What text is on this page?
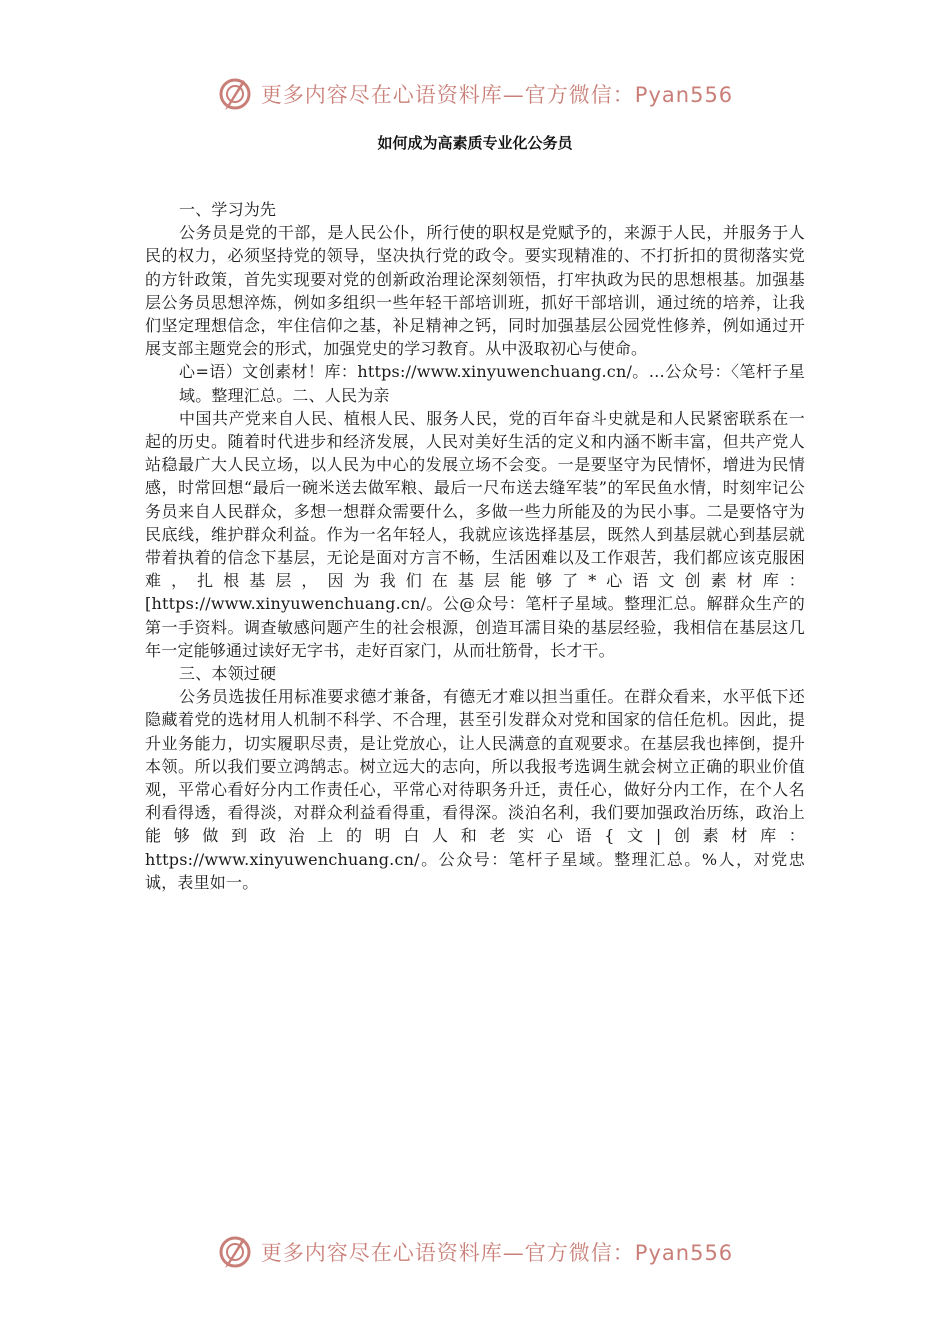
更多内容尽在心语资料库—官方微信：Pyan556
如何成为高素质专业化公务员

一、学习为先

公务员是党的干部，是人民公仆，所行使的职权是党赋予的，来源于人民，并服务于人民的权力，必须坚持党的领导，坚决执行党的政令。要实现精准的、不打折扣的贯彻落实党的方针政策，首先实现要对党的创新政治理论深刻领悟，打牢执政为民的思想根基。加强基层公务员思想淬炼，例如多组织一些年轻干部培训班，抓好干部培训，通过统的培养，让我们坚定理想信念，牢住信仰之基，补足精神之钙，同时加强基层公园党性修养，例如通过开展支部主题党会的形式，加强党史的学习教育。从中汲取初心与使命。

心=语）文创素材！库：https://www.xinyuwenchuang.cn/。…公众号：〈笔杆子星域。整理汇总。二、人民为亲

中国共产党来自人民、植根人民、服务人民，党的百年奋斗史就是和人民紧密联系在一起的历史。随着时代进步和经济发展，人民对美好生活的定义和内涵不断丰富，但共产党人站稳最广大人民立场，以人民为中心的发展立场不会变。一是要坚守为民情怀，增进为民情感，时常回想“最后一碗米送去做军粮、最后一尺布送去缝军装”的军民鱼水情，时刻牢记公务员来自人民群众，多想一想群众需要什么，多做一些力所能及的为民小事。二是要恪守为民底线，维护群众利益。作为一名年轻人，我就应该选择基层，既然人到基层就心到基层就带着执着的信念下基层，无论是面对方言不畅，生活困难以及工作艰苦，我们都应该克服困难，扎根基层，因为我们在基层能够了*心语文创素材库：[https://www.xinyuwenchuang.cn/。公@众号：笔杆子星域。整理汇总。解群众生产的第一手资料。调查敏感问题产生的社会根源，创造耳濡目染的基层经验，我相信在基层这几年一定能够通过读好无字书，走好百家门，从而壮筋骨，长才干。

三、本领过硬

公务员选拔任用标准要求德才兼备，有德无才难以担当重任。在群众看来，水平低下还隐藏着党的选材用人机制不科学、不合理，甚至引发群众对党和国家的信任危机。因此，提升业务能力，切实履职尽责，是让党放心，让人民满意的直观要求。在基层我也摔倒，提升本领。所以我们要立鸿鹄志。树立远大的志向，所以我报考选调生就会树立正确的职业价值观，平常心看好分内工作责任心，平常心对待职务升迁，责任心，做好分内工作，在个人名利看得透，看得淡，对群众利益看得重，看得深。淡泊名利，我们要加强政治历练，政治上能够做到政治上的明白人和老实心语{文|创素材库：https://www.xinyuwenchuang.cn/。公众号：笔杆子星域。整理汇总。%人，对党忠诚，表里如一。

更多内容尽在心语资料库—官方微信：Pyan556
